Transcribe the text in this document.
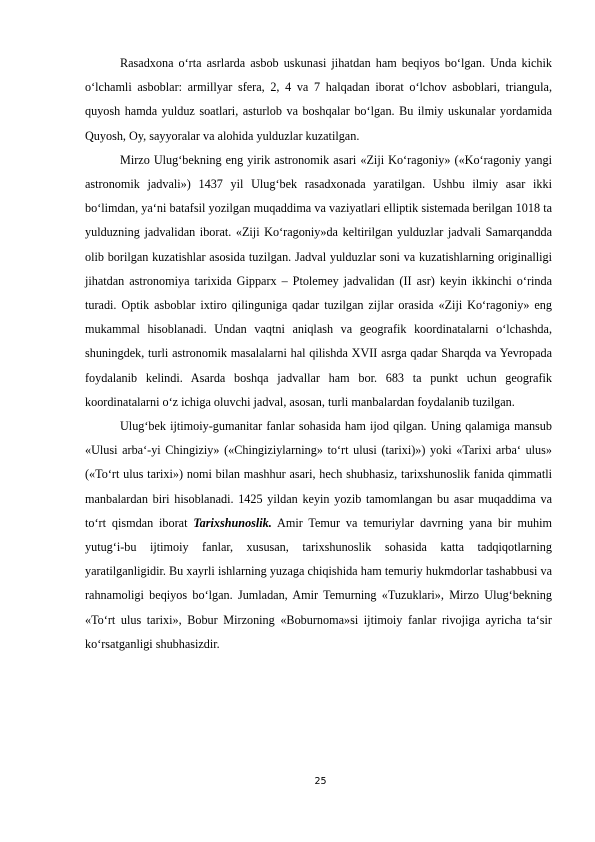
Rasadxona o‘rta asrlarda asbob uskunasi jihatdan ham beqiyos bo‘lgan. Unda kichik o‘lchamli asboblar: armillyar sfera, 2, 4 va 7 halqadan iborat o‘lchov asboblari, triangula, quyosh hamda yulduz soatlari, asturlob va boshqalar bo‘lgan. Bu ilmiy uskunalar yordamida Quyosh, Oy, sayyoralar va alohida yulduzlar kuzatilgan.

Mirzo Ulug‘bekning eng yirik astronomik asari «Ziji Ko‘ragoniy» («Ko‘ragoniy yangi astronomik jadvali») 1437 yil Ulug‘bek rasadxonada yaratilgan. Ushbu ilmiy asar ikki bo‘limdan, ya‘ni batafsil yozilgan muqaddima va vaziyatlari elliptik sistemada berilgan 1018 ta yulduzning jadvalidan iborat. «Ziji Ko‘ragoniy»da keltirilgan yulduzlar jadvali Samarqandda olib borilgan kuzatishlar asosida tuzilgan. Jadval yulduzlar soni va kuzatishlarning originalligi jihatdan astronomiya tarixida Gipparx – Ptolemey jadvalidan (II asr) keyin ikkinchi o‘rinda turadi. Optik asboblar ixtiro qilinguniga qadar tuzilgan zijlar orasida «Ziji Ko‘ragoniy» eng mukammal hisoblanadi. Undan vaqtni aniqlash va geografik koordinatalarni o‘lchashda, shuningdek, turli astronomik masalalarni hal qilishda XVII asrga qadar Sharqda va Yevropada foydalanib kelindi. Asarda boshqa jadvallar ham bor. 683 ta punkt uchun geografik koordinatalarni o‘z ichiga oluvchi jadval, asosan, turli manbalardan foydalanib tuzilgan.

Ulug‘bek ijtimoiy-gumanitar fanlar sohasida ham ijod qilgan. Uning qalamiga mansub «Ulusi arba‘-yi Chingiziy» («Chingiziylarning» to‘rt ulusi (tarixi)») yoki «Tarixi arba‘ ulus» («To‘rt ulus tarixi») nomi bilan mashhur asari, hech shubhasiz, tarixshunoslik fanida qimmatli manbalardan biri hisoblanadi. 1425 yildan keyin yozib tamomlangan bu asar muqaddima va to‘rt qismdan iborat Tarixshunoslik. Amir Temur va temuriylar davrning yana bir muhim yutug‘i-bu ijtimoiy fanlar, xususan, tarixshunoslik sohasida katta tadqiqotlarning yaratilganligidir. Bu xayrli ishlarning yuzaga chiqishida ham temuriy hukmdorlar tashabbusi va rahnamoligi beqiyos bo‘lgan. Jumladan, Amir Temurning «Tuzuklari», Mirzo Ulug‘bekning «To‘rt ulus tarixi», Bobur Mirzoning «Boburnoma»si ijtimoiy fanlar rivojiga ayricha ta‘sir ko‘rsatganligi shubhasizdir.

25
